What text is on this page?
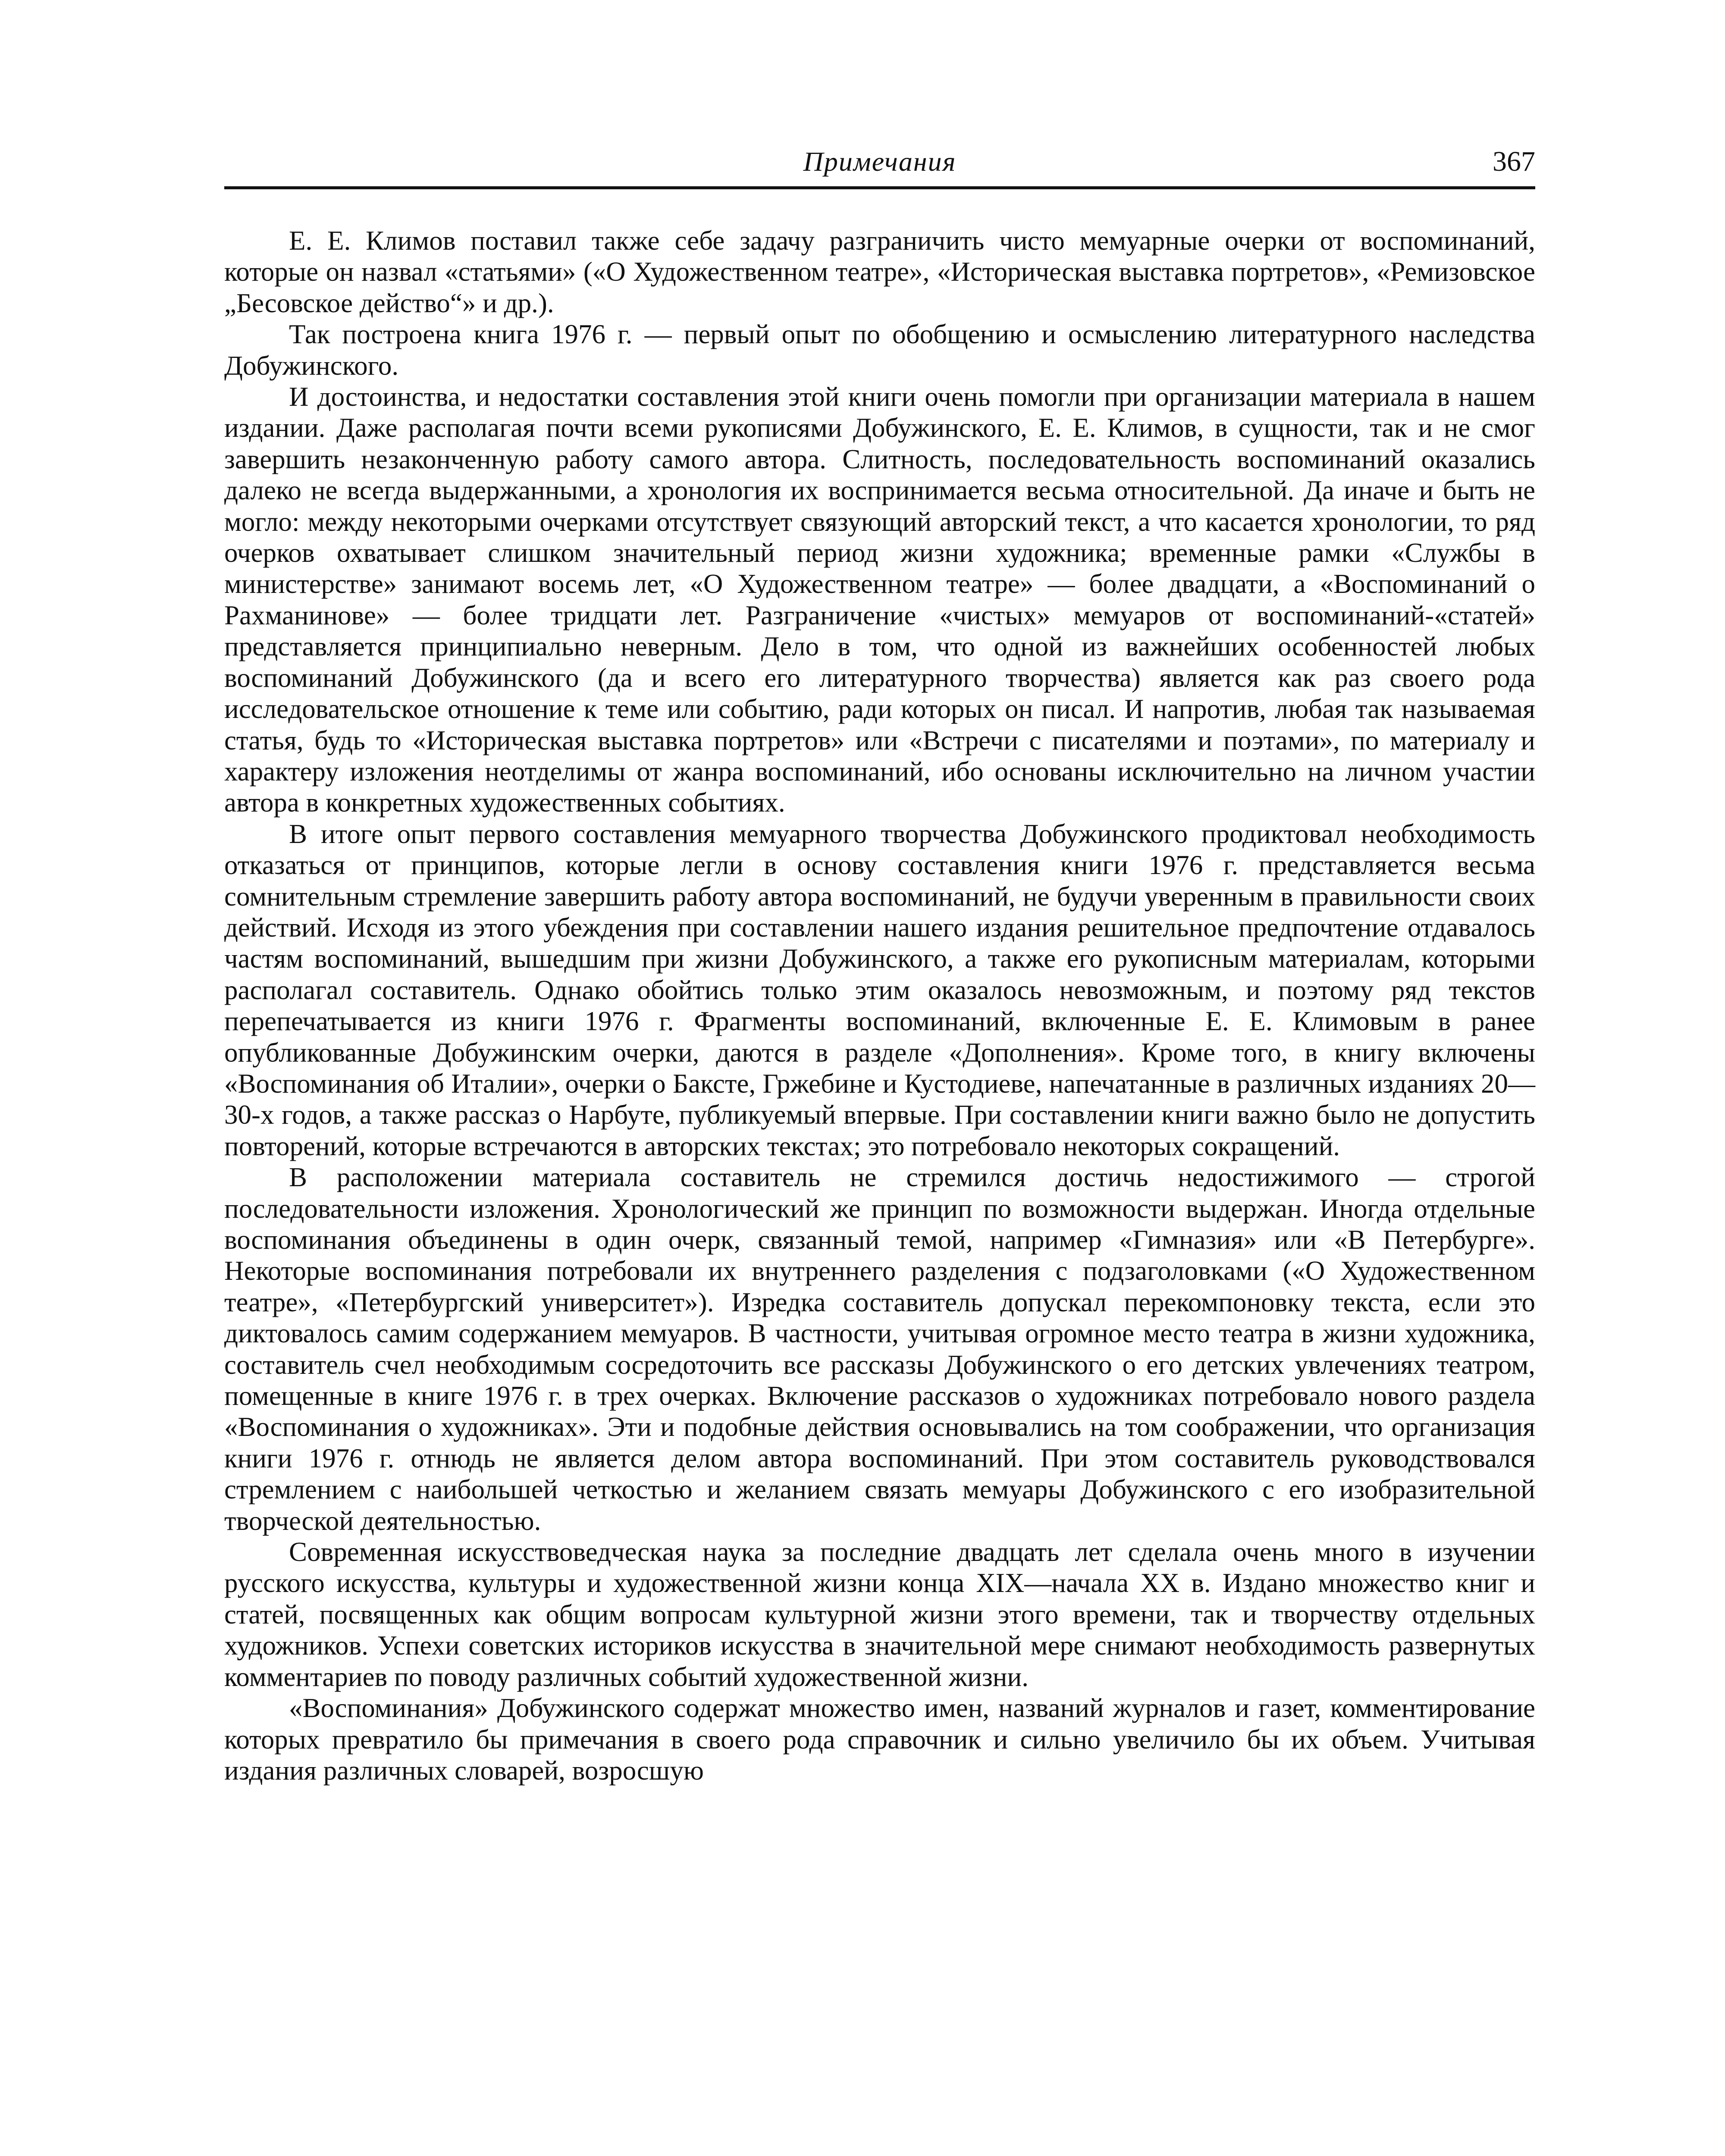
Примечания	367

Е. Е. Климов поставил также себе задачу разграничить чисто мемуарные очерки от воспоминаний, которые он назвал «статьями» («О Художественном театре», «Историческая выставка портретов», «Ремизовское „Бесовское действо“» и др.).

Так построена книга 1976 г. — первый опыт по обобщению и осмыслению литературного наследства Добужинского.

И достоинства, и недостатки составления этой книги очень помогли при организации материала в нашем издании. Даже располагая почти всеми рукописями Добужинского, Е. Е. Климов, в сущности, так и не смог завершить незаконченную работу самого автора. Слитность, последовательность воспоминаний оказались далеко не всегда выдержанными, а хронология их воспринимается весьма относительной. Да иначе и быть не могло: между некоторыми очерками отсутствует связующий авторский текст, а что касается хронологии, то ряд очерков охватывает слишком значительный период жизни художника; временные рамки «Службы в министерстве» занимают восемь лет, «О Художественном театре» — более двадцати, а «Воспоминаний о Рахманинове» — более тридцати лет. Разграничение «чистых» мемуаров от воспоминаний-«статей» представляется принципиально неверным. Дело в том, что одной из важнейших особенностей любых воспоминаний Добужинского (да и всего его литературного творчества) является как раз своего рода исследовательское отношение к теме или событию, ради которых он писал. И напротив, любая так называемая статья, будь то «Историческая выставка портретов» или «Встречи с писателями и поэтами», по материалу и характеру изложения неотделимы от жанра воспоминаний, ибо основаны исключительно на личном участии автора в конкретных художественных событиях.

В итоге опыт первого составления мемуарного творчества Добужинского продиктовал необходимость отказаться от принципов, которые легли в основу составления книги 1976 г. представляется весьма сомнительным стремление завершить работу автора воспоминаний, не будучи уверенным в правильности своих действий. Исходя из этого убеждения при составлении нашего издания решительное предпочтение отдавалось частям воспоминаний, вышедшим при жизни Добужинского, а также его рукописным материалам, которыми располагал составитель. Однако обойтись только этим оказалось невозможным, и поэтому ряд текстов перепечатывается из книги 1976 г. Фрагменты воспоминаний, включенные Е. Е. Климовым в ранее опубликованные Добужинским очерки, даются в разделе «Дополнения». Кроме того, в книгу включены «Воспоминания об Италии», очерки о Баксте, Гржебине и Кустодиеве, напечатанные в различных изданиях 20—30-х годов, а также рассказ о Нарбуте, публикуемый впервые. При составлении книги важно было не допустить повторений, которые встречаются в авторских текстах; это потребовало некоторых сокращений.

В расположении материала составитель не стремился достичь недостижимого — строгой последовательности изложения. Хронологический же принцип по возможности выдержан. Иногда отдельные воспоминания объединены в один очерк, связанный темой, например «Гимназия» или «В Петербурге». Некоторые воспоминания потребовали их внутреннего разделения с подзаголовками («О Художественном театре», «Петербургский университет»). Изредка составитель допускал перекомпоновку текста, если это диктовалось самим содержанием мемуаров. В частности, учитывая огромное место театра в жизни художника, составитель счел необходимым сосредоточить все рассказы Добужинского о его детских увлечениях театром, помещенные в книге 1976 г. в трех очерках. Включение рассказов о художниках потребовало нового раздела «Воспоминания о художниках». Эти и подобные действия основывались на том соображении, что организация книги 1976 г. отнюдь не является делом автора воспоминаний. При этом составитель руководствовался стремлением с наибольшей четкостью и желанием связать мемуары Добужинского с его изобразительной творческой деятельностью.

Современная искусствоведческая наука за последние двадцать лет сделала очень много в изучении русского искусства, культуры и художественной жизни конца XIX—начала XX в. Издано множество книг и статей, посвященных как общим вопросам культурной жизни этого времени, так и творчеству отдельных художников. Успехи советских историков искусства в значительной мере снимают необходимость развернутых комментариев по поводу различных событий художественной жизни.

«Воспоминания» Добужинского содержат множество имен, названий журналов и газет, комментирование которых превратило бы примечания в своего рода справочник и сильно увеличило бы их объем. Учитывая издания различных словарей, возросшую
